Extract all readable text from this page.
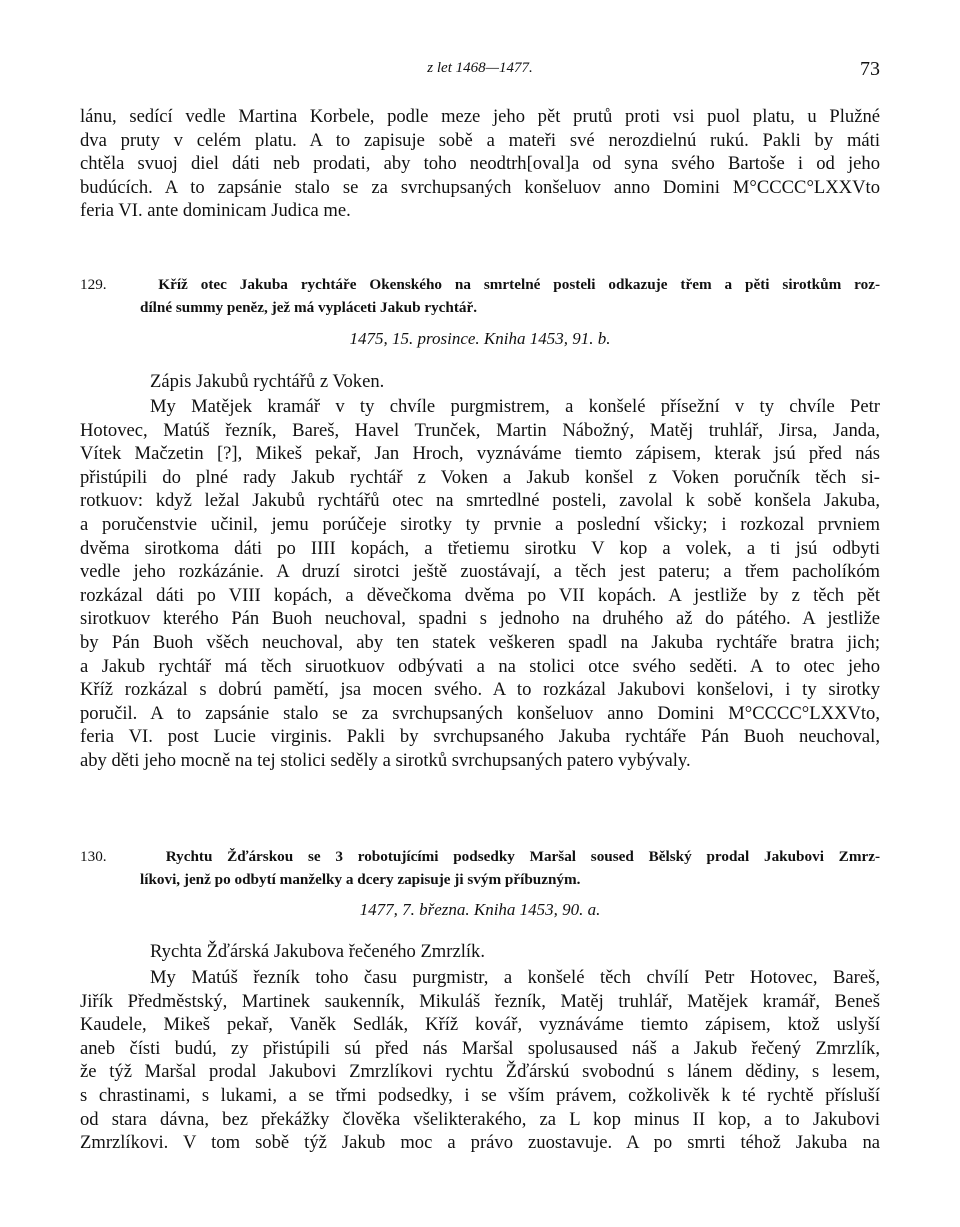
z let 1468—1477.	73
lánu, sedící vedle Martina Korbele, podle meze jeho pět prutů proti vsi puol platu, u Plužné
dva pruty v celém platu. A to zapisuje sobě a mateři své nerozdielnú rukú. Pakli by máti
chtěla svuoj diel dáti neb prodati, aby toho neodtrh[oval]a od syna svého Bartoše i od jeho
budúcích. A to zapsánie stalo se za svrchupsaných konšeluov anno Domini M°CCCC°LXXVto
feria VI. ante dominicam Judica me.
129.	Kříž otec Jakuba rychtáře Okenského na smrtelné posteli odkazuje třem a pěti sirotkům roz-
dílné summy peněz, jež má vypláceti Jakub rychtář.
1475, 15. prosince. Kniha 1453, 91. b.
Zápis Jakubů rychtářů z Voken.
My Matějek kramář v ty chvíle purgmistrem, a konšelé přísežní v ty chvíle Petr
Hotovec, Matúš řezník, Bareš, Havel Trunček, Martin Nábožný, Matěj truhlář, Jirsa, Janda,
Vítek Mačzetin [?], Mikeš pekař, Jan Hroch, vyznáváme tiemto zápisem, kterak jsú před nás
přistúpili do plné rady Jakub rychtář z Voken a Jakub konšel z Voken poručník těch si-
rotkuov: když ležal Jakubů rychtářů otec na smrtedlné posteli, zavolal k sobě konšela Jakuba,
a poručenstvie učinil, jemu porúčeje sirotky ty prvnie a poslední všicky; i rozkozal prvniem
dvěma sirotkoma dáti po IIII kopách, a třetiemu sirotku V kop a volek, a ti jsú odbyti
vedle jeho rozkázánie. A druzí sirotci ještě zuostávají, a těch jest pateru; a třem pacholíkóm
rozkázal dáti po VIII kopách, a děvečkoma dvěma po VII kopách. A jestliže by z těch pět
sirotkuov kterého Pán Buoh neuchoval, spadni s jednoho na druhého až do pátého. A jestliže
by Pán Buoh všěch neuchoval, aby ten statek veškeren spadl na Jakuba rychtáře bratra jich;
a Jakub rychtář má těch siruotkuov odbývati a na stolici otce svého seděti. A to otec jeho
Kříž rozkázal s dobrú pamětí, jsa mocen svého. A to rozkázal Jakubovi konšelovi, i ty sirotky
poručil. A to zapsánie stalo se za svrchupsaných konšeluov anno Domini M°CCCC°LXXVto,
feria VI. post Lucie virginis. Pakli by svrchupsaného Jakuba rychtáře Pán Buoh neuchoval,
aby děti jeho mocně na tej stolici seděly a sirotků svrchupsaných patero vybývaly.
130.	Rychtu Žďárskou se 3 robotujícími podsedky Maršal soused Bělský prodal Jakubovi Zmrz-
líkovi, jenž po odbytí manželky a dcery zapisuje ji svým příbuzným.
1477, 7. března. Kniha 1453, 90. a.
Rychta Žďárská Jakubova řečeného Zmrzlík.
My Matúš řezník toho času purgmistr, a konšelé těch chvílí Petr Hotovec, Bareš,
Jiřík Předměstský, Martinek saukenník, Mikuláš řezník, Matěj truhlář, Matějek kramář, Beneš
Kaudele, Mikeš pekař, Vaněk Sedlák, Kříž kovář, vyznáváme tiemto zápisem, ktož uslyší
aneb čísti budú, zy přistúpili sú před nás Maršal spolusaused náš a Jakub řečený Zmrzlík,
že týž Maršal prodal Jakubovi Zmrzlíkovi rychtu Žďárskú svobodnú s lánem dědiny, s lesem,
s chrastinami, s lukami, a se třmi podsedky, i se vším právem, cožkolivěk k té rychtě přísluší
od stara dávna, bez překážky člověka všelikterakého, za L kop minus II kop, a to Jakubovi
Zmrzlíkovi. V tom sobě týž Jakub moc a právo zuostavuje. A po smrti téhož Jakuba na
